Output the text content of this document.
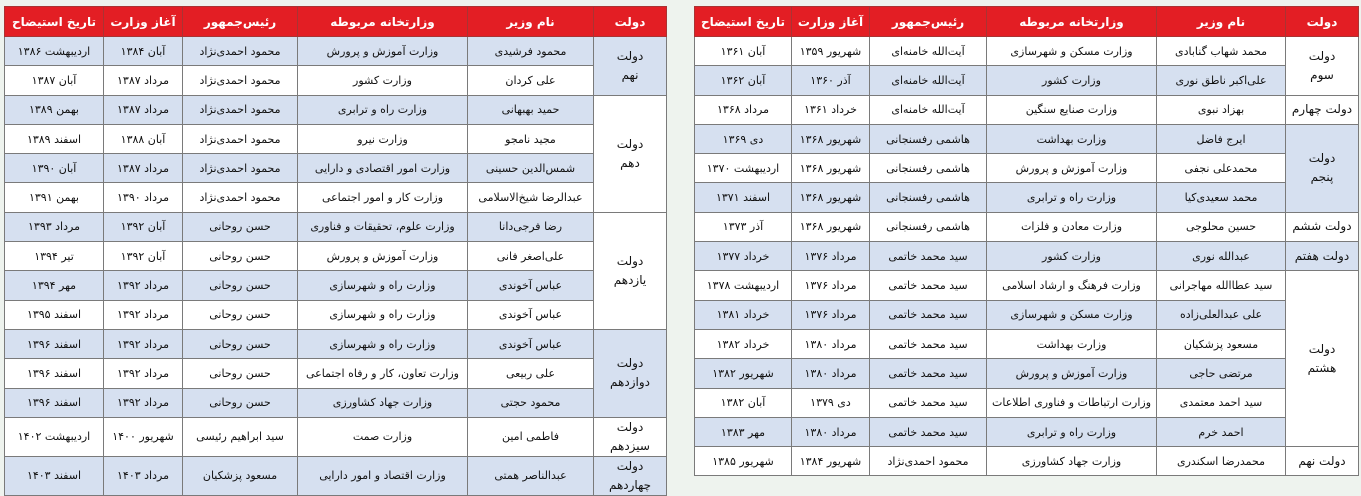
دولت	نام وزیر	وزارتخانه مربوطه	رئیس‌جمهور	آغاز وزارت	تاریخ استیضاح
دولت سوم	محمد شهاب گنابادی	وزارت مسکن و شهرسازی	آیت‌الله خامنه‌ای	شهریور ۱۳۵۹	آبان ۱۳۶۱
	علی‌اکبر ناطق نوری	وزارت کشور	آیت‌الله خامنه‌ای	آذر ۱۳۶۰	آبان ۱۳۶۲
دولت چهارم	بهزاد نبوی	وزارت صنایع سنگین	آیت‌الله خامنه‌ای	خرداد ۱۳۶۱	مرداد ۱۳۶۸
دولت پنجم	ایرج فاضل	وزارت بهداشت	هاشمی رفسنجانی	شهریور ۱۳۶۸	دی ۱۳۶۹
	محمدعلی نجفی	وزارت آموزش و پرورش	هاشمی رفسنجانی	شهریور ۱۳۶۸	اردیبهشت ۱۳۷۰
	محمد سعیدی‌کیا	وزارت راه و ترابری	هاشمی رفسنجانی	شهریور ۱۳۶۸	اسفند ۱۳۷۱
دولت ششم	حسین محلوجی	وزارت معادن و فلزات	هاشمی رفسنجانی	شهریور ۱۳۶۸	آذر ۱۳۷۳
دولت هفتم	عبدالله نوری	وزارت کشور	سید محمد خاتمی	مرداد ۱۳۷۶	خرداد ۱۳۷۷
دولت هشتم	سید عطاالله مهاجرانی	وزارت فرهنگ و ارشاد اسلامی	سید محمد خاتمی	مرداد ۱۳۷۶	اردیبهشت ۱۳۷۸
	علی عبدالعلی‌زاده	وزارت مسکن و شهرسازی	سید محمد خاتمی	مرداد ۱۳۷۶	خرداد ۱۳۸۱
	مسعود پزشکیان	وزارت بهداشت	سید محمد خاتمی	مرداد ۱۳۸۰	خرداد ۱۳۸۲
	مرتضی حاجی	وزارت آموزش و پرورش	سید محمد خاتمی	مرداد ۱۳۸۰	شهریور ۱۳۸۲
	سید احمد معتمدی	وزارت ارتباطات و فناوری اطلاعات	سید محمد خاتمی	دی ۱۳۷۹	آبان ۱۳۸۲
	احمد خرم	وزارت راه و ترابری	سید محمد خاتمی	مرداد ۱۳۸۰	مهر ۱۳۸۳
دولت نهم	محمدرضا اسکندری	وزارت جهاد کشاورزی	محمود احمدی‌نژاد	شهریور ۱۳۸۴	شهریور ۱۳۸۵
دولت	نام وزیر	وزارتخانه مربوطه	رئیس‌جمهور	آغاز وزارت	تاریخ استیضاح
دولت نهم	محمود فرشیدی	وزارت آموزش و پرورش	محمود احمدی‌نژاد	آبان ۱۳۸۴	اردیبهشت ۱۳۸۶
	علی کردان	وزارت کشور	محمود احمدی‌نژاد	مرداد ۱۳۸۷	آبان ۱۳۸۷
دولت دهم	حمید بهبهانی	وزارت راه و ترابری	محمود احمدی‌نژاد	مرداد ۱۳۸۷	بهمن ۱۳۸۹
	مجید نامجو	وزارت نیرو	محمود احمدی‌نژاد	آبان ۱۳۸۸	اسفند ۱۳۸۹
	شمس‌الدین حسینی	وزارت امور اقتصادی و دارایی	محمود احمدی‌نژاد	مرداد ۱۳۸۷	آبان ۱۳۹۰
	عبدالرضا شیخ‌الاسلامی	وزارت کار و امور اجتماعی	محمود احمدی‌نژاد	مرداد ۱۳۹۰	بهمن ۱۳۹۱
دولت یازدهم	رضا فرجی‌دانا	وزارت علوم، تحقیقات و فناوری	حسن روحانی	آبان ۱۳۹۲	مرداد ۱۳۹۳
	علی‌اصغر فانی	وزارت آموزش و پرورش	حسن روحانی	آبان ۱۳۹۲	تیر ۱۳۹۴
	عباس آخوندی	وزارت راه و شهرسازی	حسن روحانی	مرداد ۱۳۹۲	مهر ۱۳۹۴
	عباس آخوندی	وزارت راه و شهرسازی	حسن روحانی	مرداد ۱۳۹۲	اسفند ۱۳۹۵
دولت دوازدهم	عباس آخوندی	وزارت راه و شهرسازی	حسن روحانی	مرداد ۱۳۹۲	اسفند ۱۳۹۶
	علی ربیعی	وزارت تعاون، کار و رفاه اجتماعی	حسن روحانی	مرداد ۱۳۹۲	اسفند ۱۳۹۶
	محمود حجتی	وزارت جهاد کشاورزی	حسن روحانی	مرداد ۱۳۹۲	اسفند ۱۳۹۶
دولت سیزدهم	فاطمی امین	وزارت صمت	سید ابراهیم رئیسی	شهریور ۱۴۰۰	اردیبهشت ۱۴۰۲
دولت چهاردهم	عبدالناصر همتی	وزارت اقتصاد و امور دارایی	مسعود پزشکیان	مرداد ۱۴۰۳	اسفند ۱۴۰۳
